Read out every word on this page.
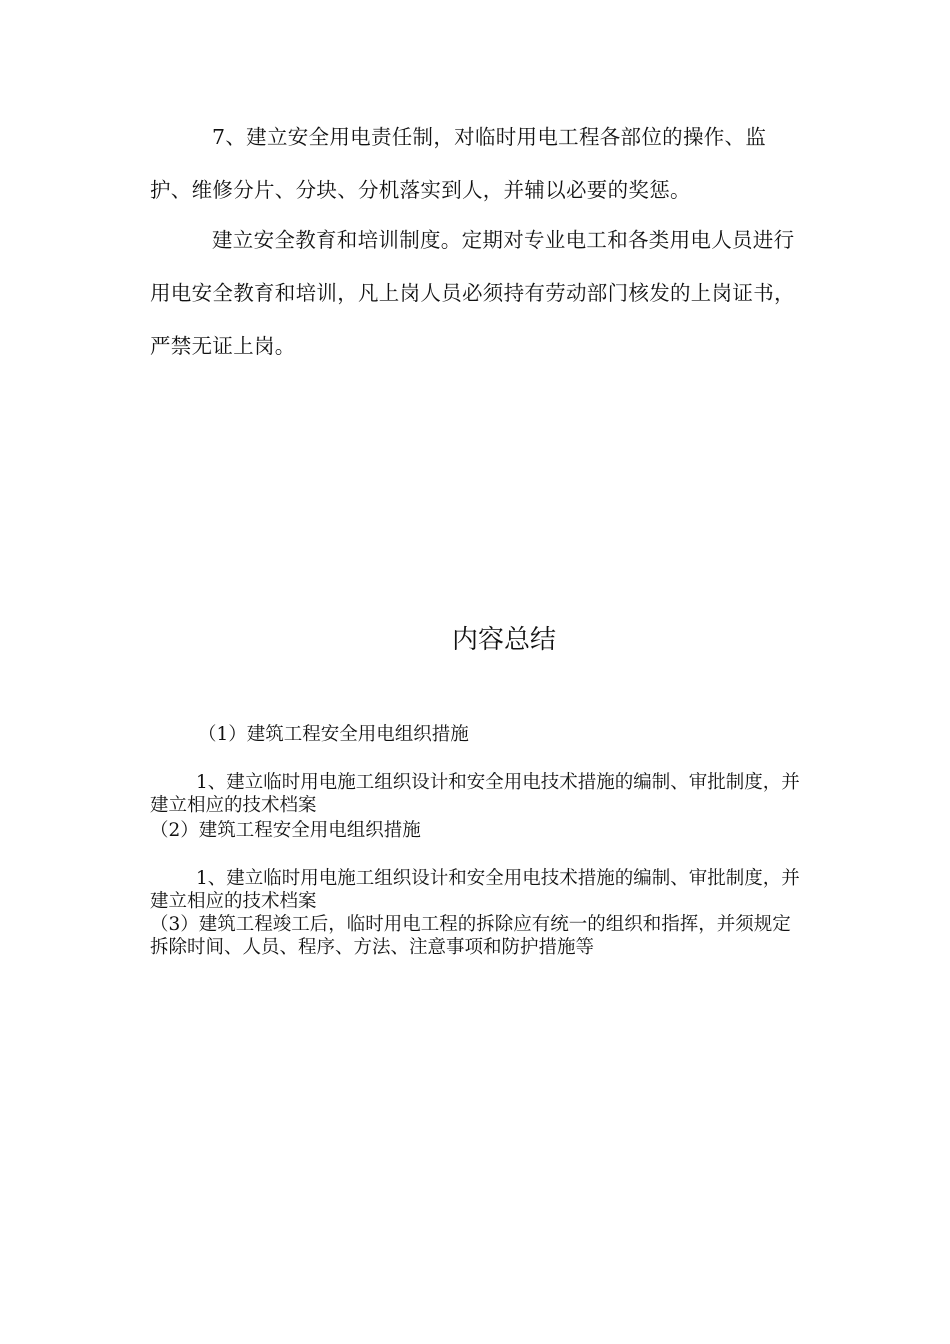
7、建立安全用电责任制，对临时用电工程各部位的操作、监护、维修分片、分块、分机落实到人，并辅以必要的奖惩。

建立安全教育和培训制度。定期对专业电工和各类用电人员进行用电安全教育和培训，凡上岗人员必须持有劳动部门核发的上岗证书，严禁无证上岗。

内容总结

（1）建筑工程安全用电组织措施

1、建立临时用电施工组织设计和安全用电技术措施的编制、审批制度，并建立相应的技术档案

（2）建筑工程安全用电组织措施

1、建立临时用电施工组织设计和安全用电技术措施的编制、审批制度，并建立相应的技术档案

（3）建筑工程竣工后，临时用电工程的拆除应有统一的组织和指挥，并须规定拆除时间、人员、程序、方法、注意事项和防护措施等
